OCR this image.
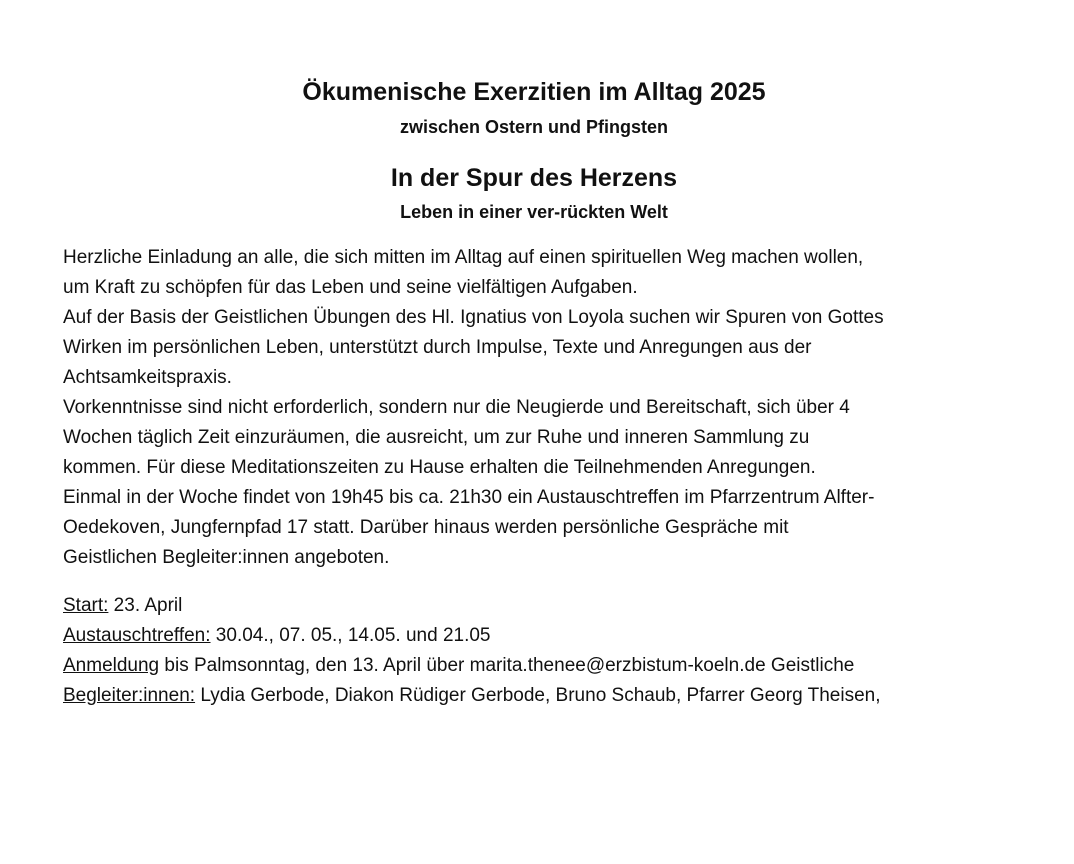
Ökumenische Exerzitien im Alltag 2025
zwischen Ostern und Pfingsten
In der Spur des Herzens
Leben in einer ver-rückten Welt
Herzliche Einladung an alle, die sich mitten im Alltag auf einen spirituellen Weg machen wollen,
um Kraft zu schöpfen für das Leben und seine vielfältigen Aufgaben.
Auf der Basis der Geistlichen Übungen des Hl. Ignatius von Loyola suchen wir Spuren von Gottes
Wirken im persönlichen Leben, unterstützt durch Impulse, Texte und Anregungen aus der
Achtsamkeitspraxis.
Vorkenntnisse sind nicht erforderlich, sondern nur die Neugierde und Bereitschaft, sich über 4
Wochen täglich Zeit einzuräumen, die ausreicht, um zur Ruhe und inneren Sammlung zu
kommen. Für diese Meditationszeiten zu Hause erhalten die Teilnehmenden Anregungen.
Einmal in der Woche findet von 19h45 bis ca. 21h30 ein Austauschtreffen im Pfarrzentrum Alfter-
Oedekoven, Jungfernpfad 17 statt. Darüber hinaus werden persönliche Gespräche mit
Geistlichen Begleiter:innen angeboten.
Start: 23. April
Austauschtreffen: 30.04., 07. 05., 14.05. und 21.05
Anmeldung bis Palmsonntag, den 13. April über marita.thenee@erzbistum-koeln.de Geistliche
Begleiter:innen: Lydia Gerbode, Diakon Rüdiger Gerbode, Bruno Schaub, Pfarrer Georg Theisen,
